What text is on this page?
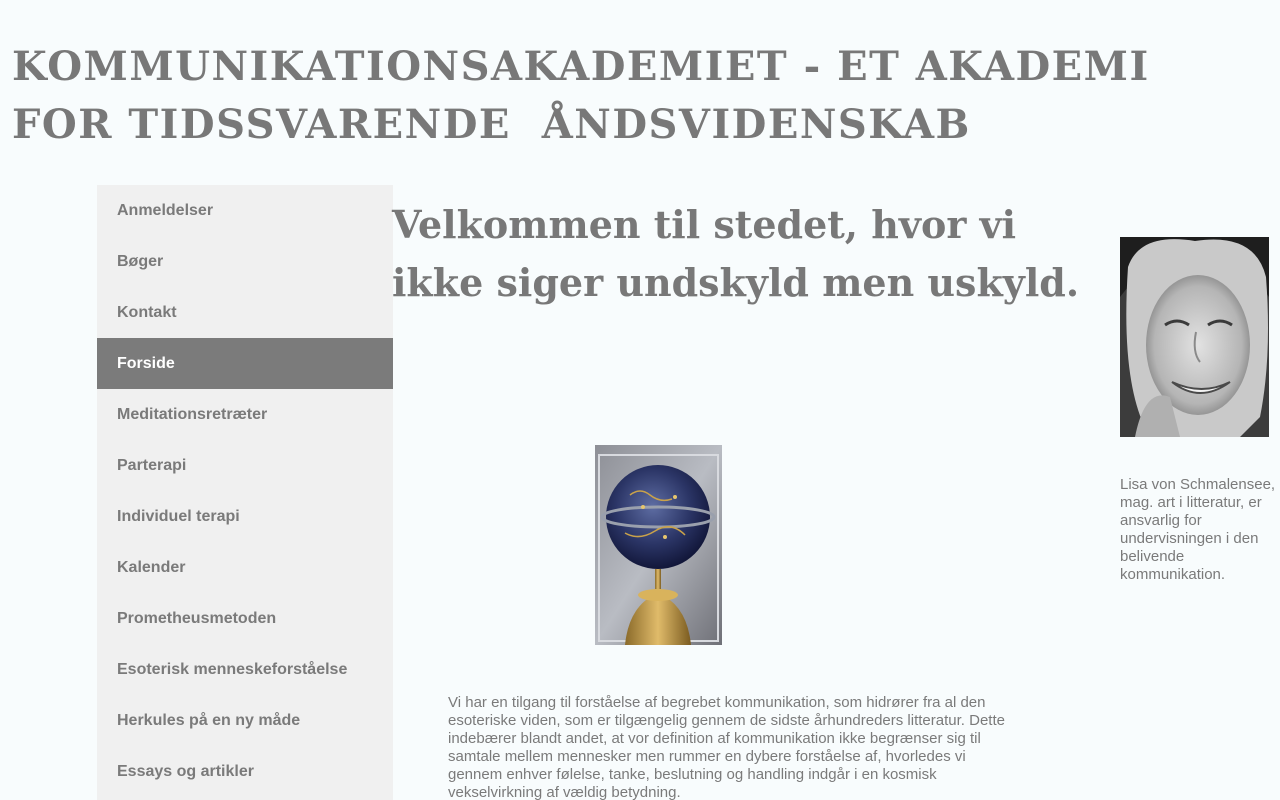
KOMMUNIKATIONSAKADEMIET - ET AKADEMI FOR TIDSSVARENDE  ÅNDSVIDENSKAB
Anmeldelser
Bøger
Kontakt
Forside
Meditationsretræter
Parterapi
Individuel terapi
Kalender
Prometheusmetoden
Esoterisk menneskeforståelse
Herkules på en ny måde
Essays og artikler
Velkommen til stedet, hvor vi ikke siger undskyld men uskyld.

Vi har en tilgang til forståelse af begrebet kommunikation, som hidrører fra al den esoteriske viden, som er tilgængelig gennem de sidste århundreders litteratur. Dette indebærer blandt andet, at vor definition af kommunikation ikke begrænser sig til samtale mellem mennesker men rummer en dybere forståelse af, hvorledes vi gennem enhver følelse, tanke, beslutning og handling indgår i en kosmisk vekselvirkning af vældig betydning.

Lisa von Schmalensee, mag. art i litteratur, er ansvarlig for undervisningen i den belivende kommunikation.
